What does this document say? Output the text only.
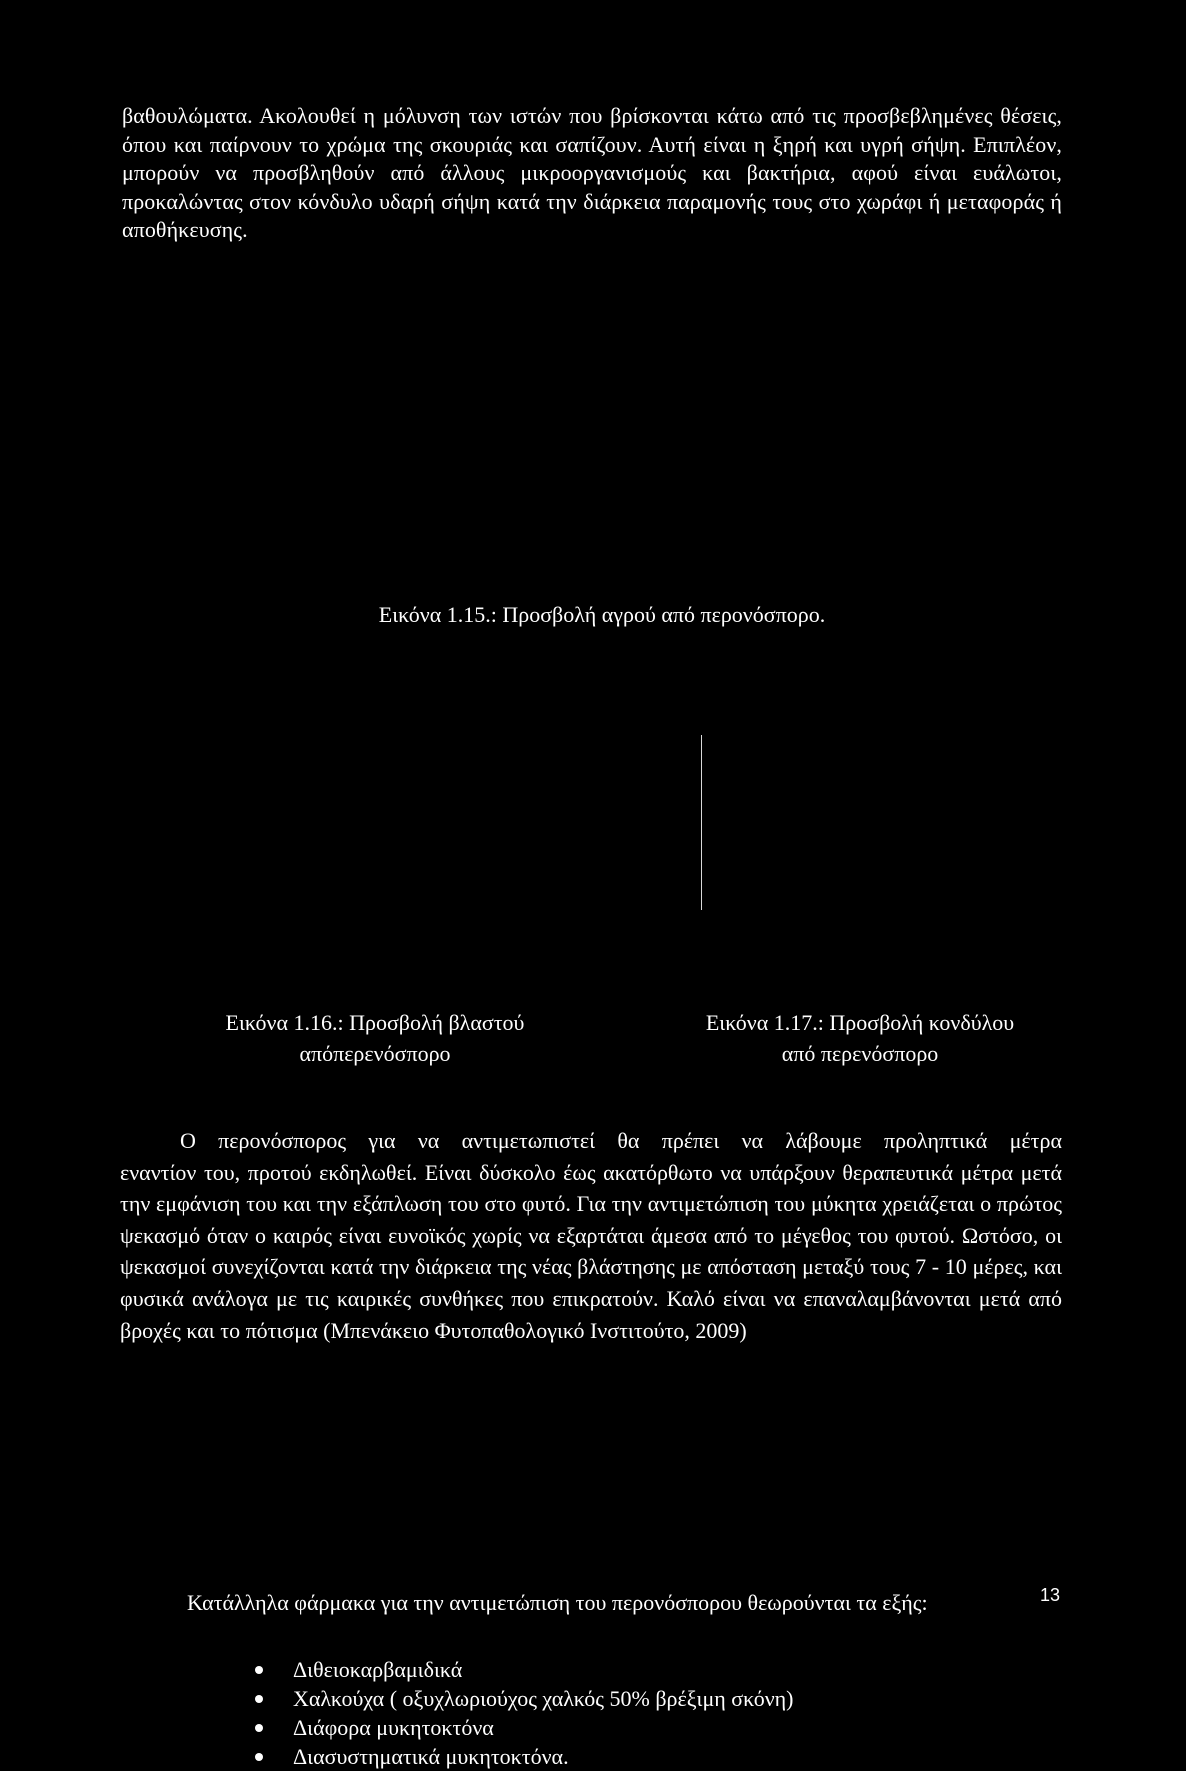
βαθουλώματα. Ακολουθεί η μόλυνση των ιστών που βρίσκονται κάτω από τις προσβεβλημένες θέσεις, όπου και παίρνουν το χρώμα της σκουριάς και σαπίζουν. Αυτή είναι η ξηρή και υγρή σήψη. Επιπλέον, μπορούν να προσβληθούν από άλλους μικροοργανισμούς και βακτήρια, αφού είναι ευάλωτοι, προκαλώντας στον κόνδυλο υδαρή σήψη κατά την διάρκεια παραμονής τους στο χωράφι ή μεταφοράς ή αποθήκευσης.

Εικόνα 1.15.: Προσβολή αγρού από περονόσπορο.
Εικόνα 1.16.: Προσβολή βλαστού
απόπερενόσπορο
Εικόνα 1.17.: Προσβολή κονδύλου
από περενόσπορο
Ο περονόσπορος για να αντιμετωπιστεί θα πρέπει να λάβουμε προληπτικά μέτρα
εναντίον του, προτού εκδηλωθεί. Είναι δύσκολο έως ακατόρθωτο να υπάρξουν θεραπευτικά μέτρα μετά την εμφάνιση του και την εξάπλωση του στο φυτό. Για την αντιμετώπιση του μύκητα χρειάζεται ο πρώτος ψεκασμό όταν ο καιρός είναι ευνοϊκός χωρίς να εξαρτάται άμεσα από το μέγεθος του φυτού. Ωστόσο, οι ψεκασμοί συνεχίζονται κατά την διάρκεια της νέας βλάστησης με απόσταση μεταξύ τους 7 - 10 μέρες, και φυσικά ανάλογα με τις καιρικές συνθήκες που επικρατούν. Καλό είναι να επαναλαμβάνονται μετά από βροχές και το πότισμα (Μπενάκειο Φυτοπαθολογικό Ινστιτούτο, 2009)
Κατάλληλα φάρμακα για την αντιμετώπιση του περονόσπορου θεωρούνται τα εξής:
Διθειοκαρβαμιδικά
Χαλκούχα ( οξυχλωριούχος χαλκός 50% βρέξιμη σκόνη)
Διάφορα μυκητοκτόνα
Διασυστηματικά μυκητοκτόνα.
13
